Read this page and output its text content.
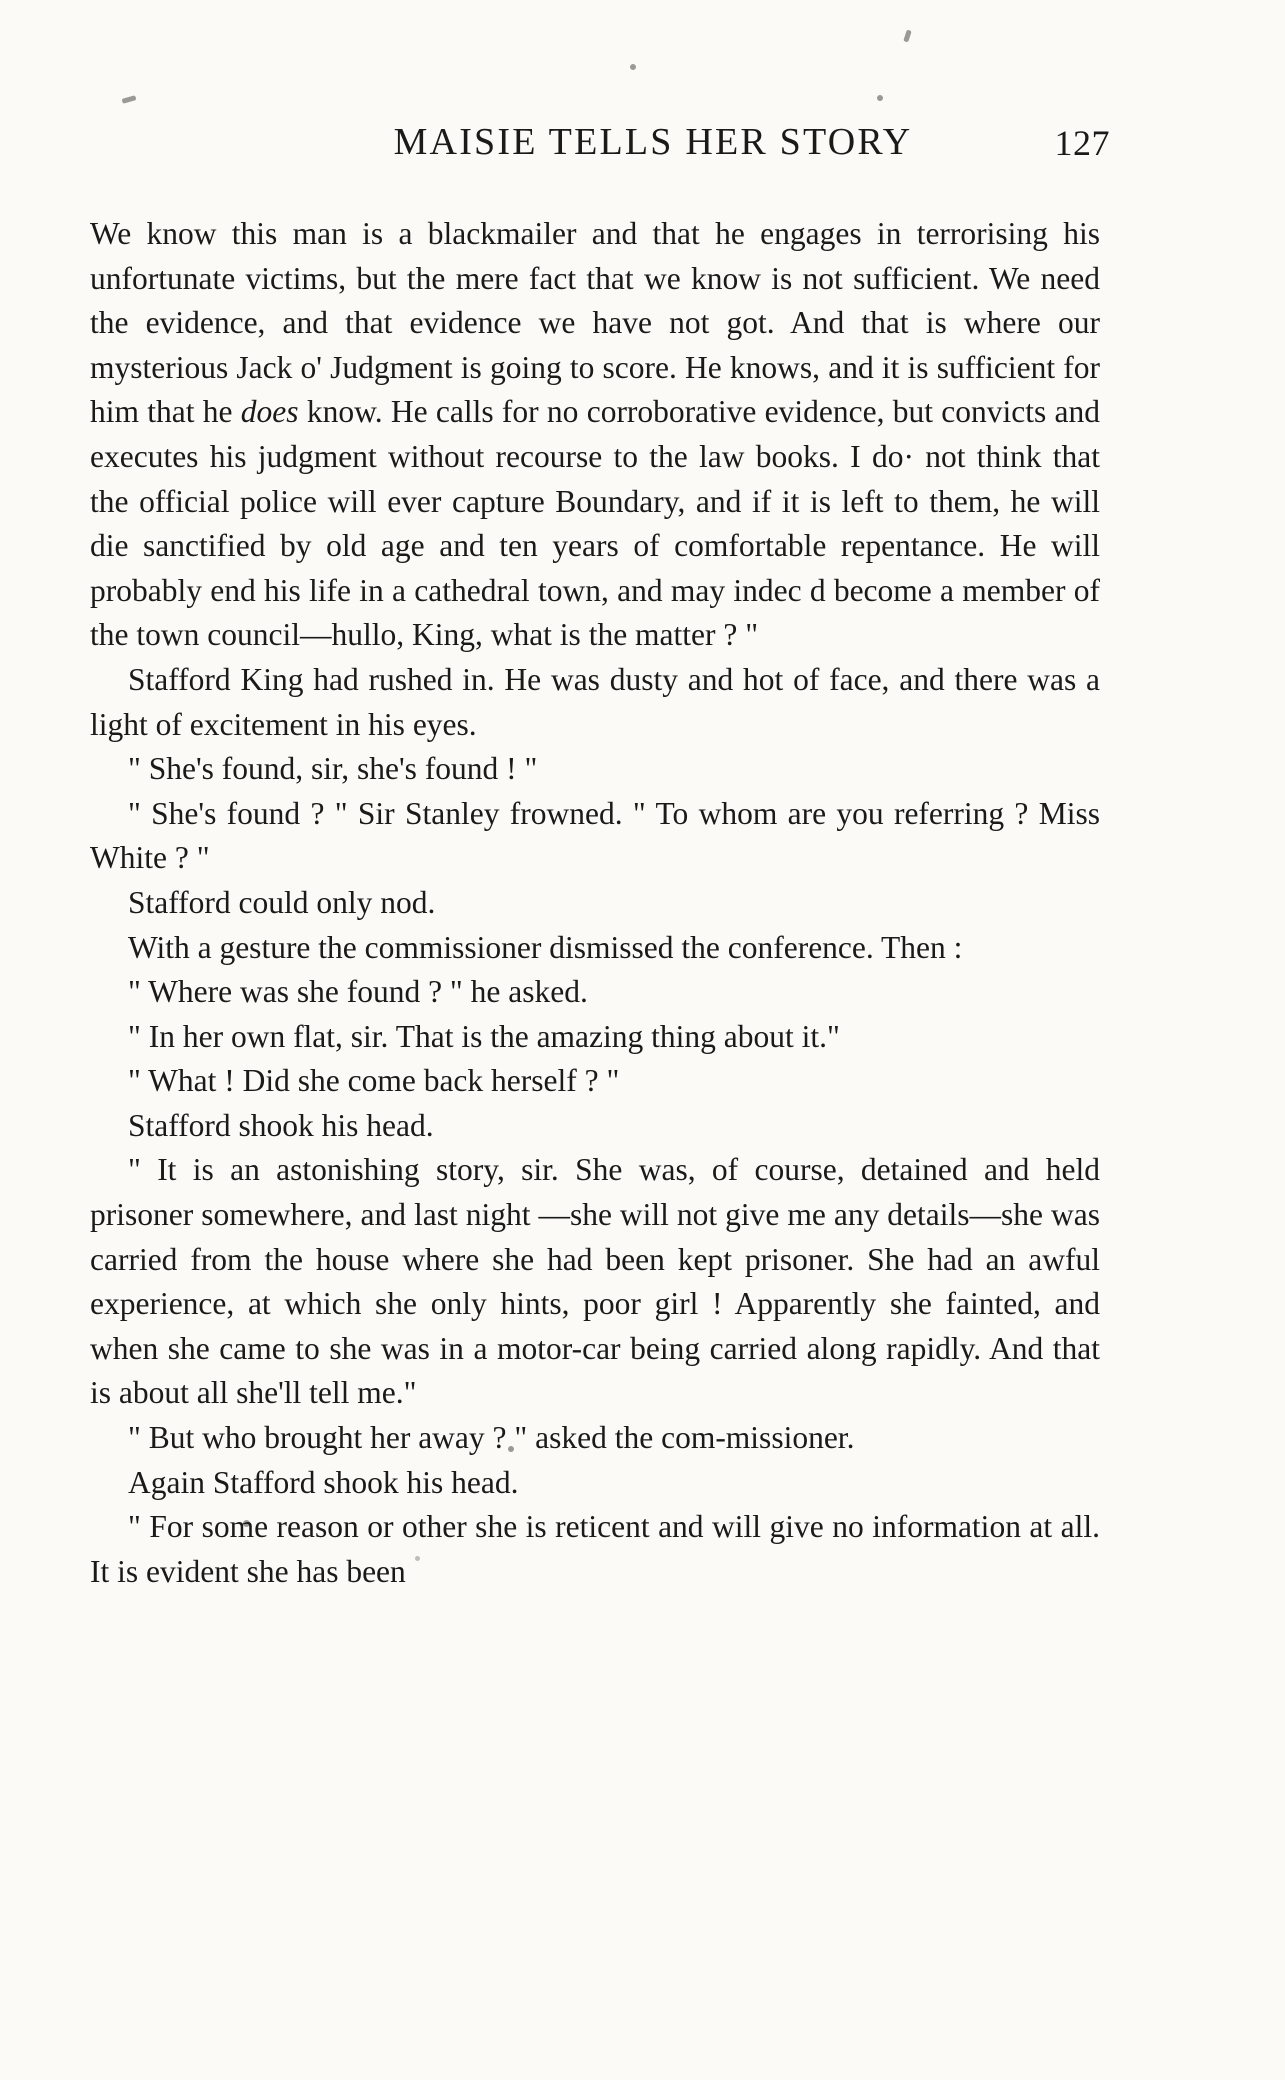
MAISIE TELLS HER STORY	127

We know this man is a blackmailer and that he engages in terrorising his unfortunate victims, but the mere fact that we know is not sufficient. We need the evidence, and that evidence we have not got. And that is where our mysterious Jack o' Judgment is going to score. He knows, and it is sufficient for him that he does know. He calls for no corroborative evidence, but convicts and executes his judgment without recourse to the law books. I do· not think that the official police will ever capture Boundary, and if it is left to them, he will die sanctified by old age and ten years of comfortable repentance. He will probably end his life in a cathedral town, and may indec d become a member of the town council—hullo, King, what is the matter ? "

Stafford King had rushed in. He was dusty and hot of face, and there was a light of excitement in his eyes.

" She's found, sir, she's found ! "

" She's found ? " Sir Stanley frowned. " To whom are you referring ? Miss White ? "

Stafford could only nod.

With a gesture the commissioner dismissed the conference. Then :

" Where was she found ? " he asked.

" In her own flat, sir. That is the amazing thing about it."

" What ! Did she come back herself ? "

Stafford shook his head.

" It is an astonishing story, sir. She was, of course, detained and held prisoner somewhere, and last night —she will not give me any details—she was carried from the house where she had been kept prisoner. She had an awful experience, at which she only hints, poor girl ! Apparently she fainted, and when she came to she was in a motor-car being carried along rapidly. And that is about all she'll tell me."

" But who brought her away ? " asked the com-missioner.

Again Stafford shook his head.

" For some reason or other she is reticent and will give no information at all. It is evident she has been
